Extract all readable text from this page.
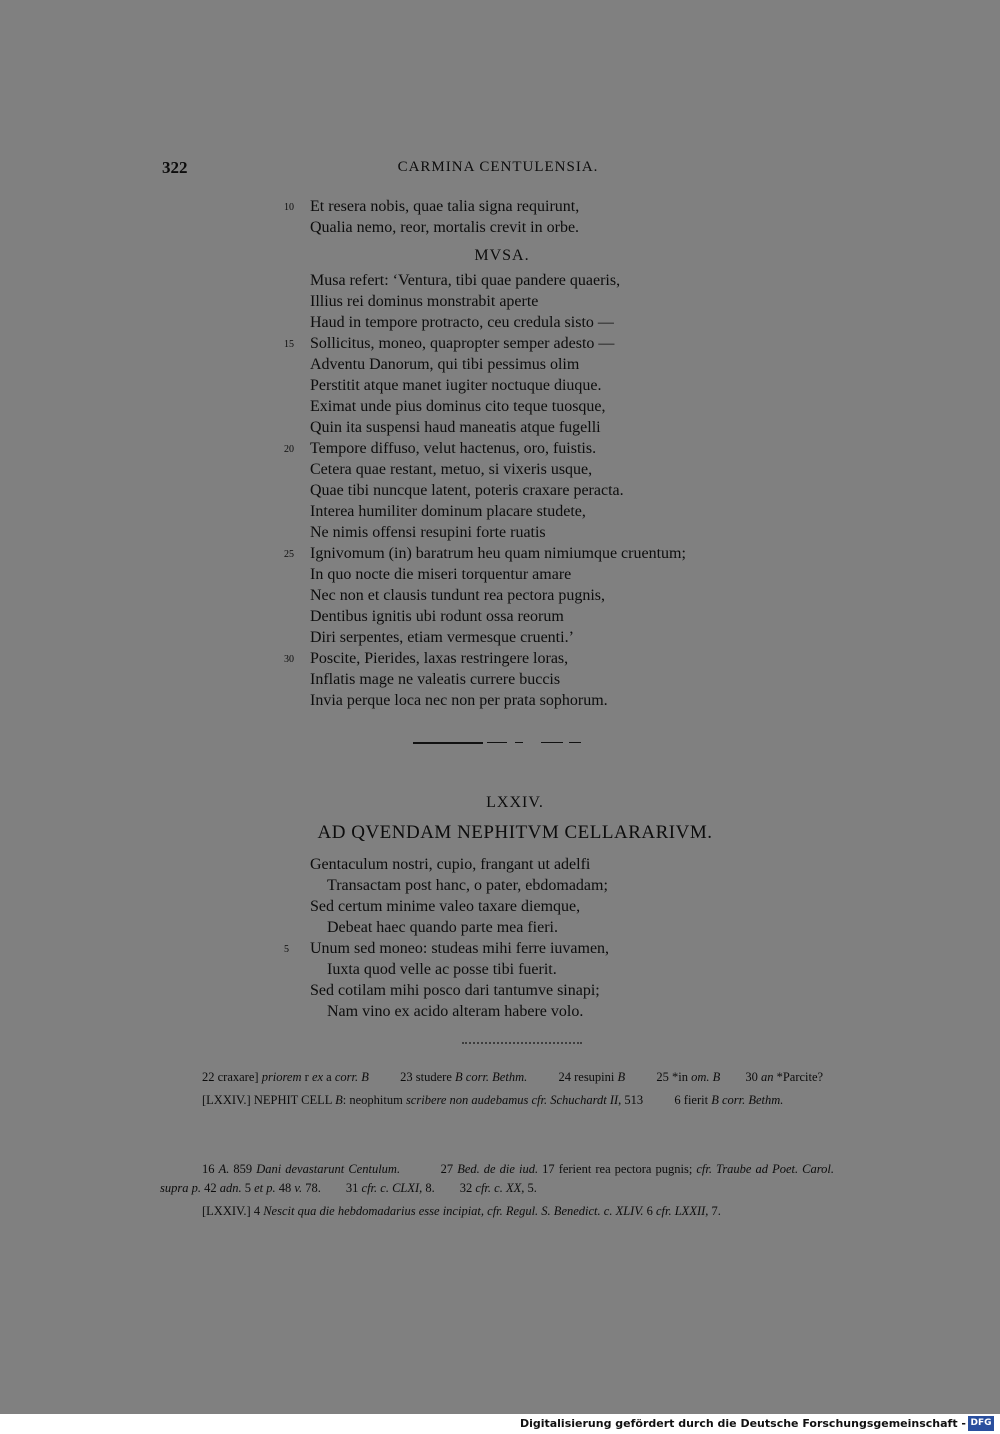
322	CARMINA CENTULENSIA.
10 Et resera nobis, quae talia signa requirunt,
Qualia nemo, reor, mortalis crevit in orbe.
MVSA.
Musa refert: ‘Ventura, tibi quae pandere quaeris,
Illius rei dominus monstrabit aperte
Haud in tempore protracto, ceu credula sisto —
15 Sollicitus, moneo, quapropter semper adesto —
Adventu Danorum, qui tibi pessimus olim
Perstitit atque manet iugiter noctuque diuque.
Eximat unde pius dominus cito teque tuosque,
Quin ita suspensi haud maneatis atque fugelli
20 Tempore diffuso, velut hactenus, oro, fuistis.
Cetera quae restant, metuo, si vixeris usque,
Quae tibi nuncque latent, poteris craxare peracta.
Interea humiliter dominum placare studete,
Ne nimis offensi resupini forte ruatis
25 Ignivomum (in) baratrum heu quam nimiumque cruentum;
In quo nocte die miseri torquentur amare
Nec non et clausis tundunt rea pectora pugnis,
Dentibus ignitis ubi rodunt ossa reorum
Diri serpentes, etiam vermesque cruenti.’
30 Poscite, Pierides, laxas restringere loras,
Inflatis mage ne valeatis currere buccis
Invia perque loca nec non per prata sophorum.
LXXIV.
AD QVENDAM NEPHITVM CELLARARIVM.
Gentaculum nostri, cupio, frangant ut adelfi
Transactam post hanc, o pater, ebdomadam;
Sed certum minime valeo taxare diemque,
Debeat haec quando parte mea fieri.
5 Unum sed moneo: studeas mihi ferre iuvamen,
Iuxta quod velle ac posse tibi fuerit.
Sed cotilam mihi posco dari tantumve sinapi;
Nam vino ex acido alteram habere volo.

22 craxare] priorem r ex a corr. B          23 studere B corr. Bethm.          24 resupini B          25 *in om. B        30 an *Parcite?

[LXXIV.] NEPHIT CELL B: neophitum scribere non audebamus cfr. Schuchardt II, 513          6 fierit B corr. Bethm.

16 A. 859 Dani devastarunt Centulum.          27 Bed. de die iud. 17 ferient rea pectora pugnis; cfr. Traube ad Poet. Carol. supra p. 42 adn. 5 et p. 48 v. 78.        31 cfr. c. CLXI, 8.        32 cfr. c. XX, 5.

[LXXIV.] 4 Nescit qua die hebdomadarius esse incipiat, cfr. Regul. S. Benedict. c. XLIV. 6 cfr. LXXII, 7.

Digitalisierung gefördert durch die Deutsche Forschungsgemeinschaft - DFG
